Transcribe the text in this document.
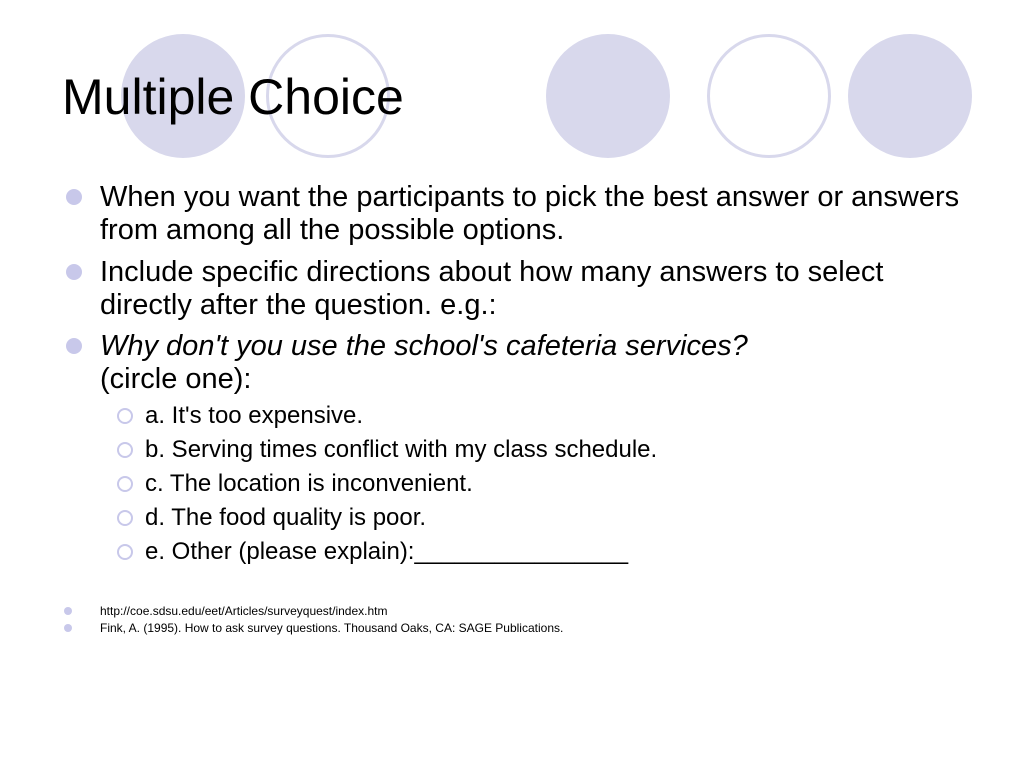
Multiple Choice
When you want the participants to pick the best answer or answers from among all the possible options.
Include specific directions about how many answers to select directly after the question. e.g.:
Why don't you use the school's cafeteria services?
(circle one):
a. It's too expensive.
b. Serving times conflict with my class schedule.
c. The location is inconvenient.
d. The food quality is poor.
e. Other (please explain):________________
http://coe.sdsu.edu/eet/Articles/surveyquest/index.htm
Fink, A. (1995). How to ask survey questions. Thousand Oaks, CA: SAGE Publications.
